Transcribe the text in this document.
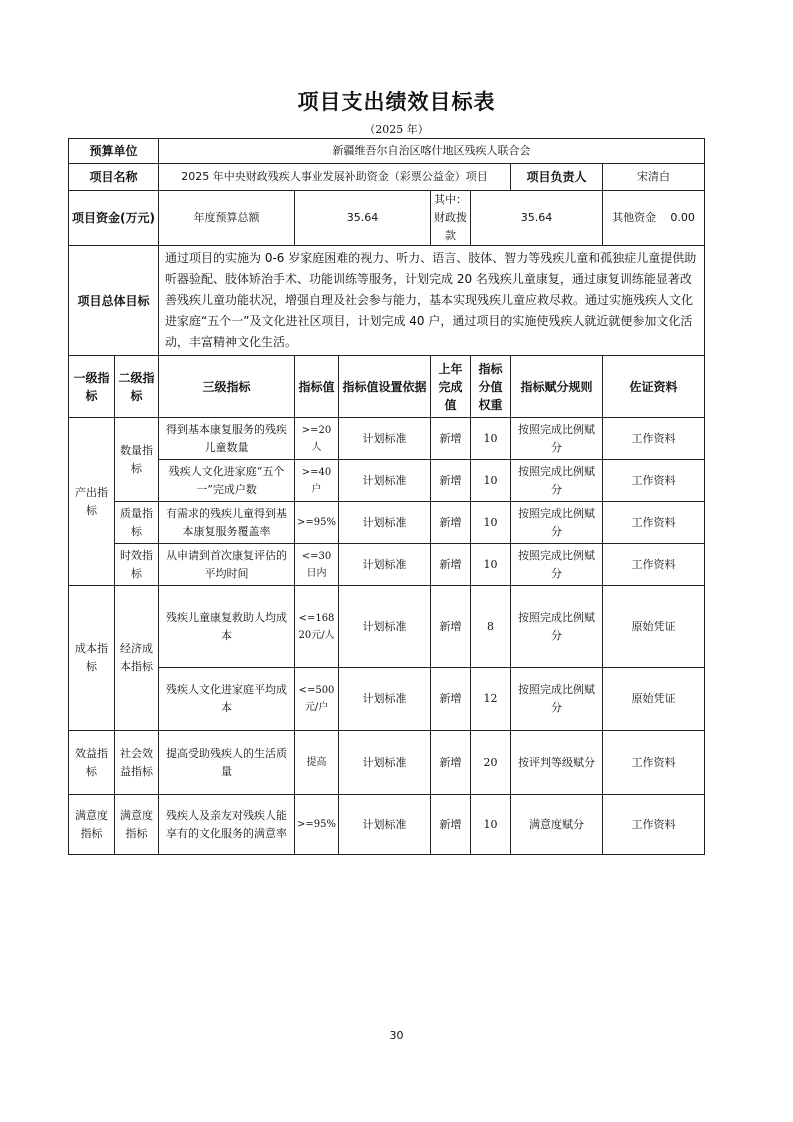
项目支出绩效目标表
（2025 年）
预算单位		新疆维吾尔自治区喀什地区残疾人联合会						
项目名称		2025 年中央财政残疾人事业发展补助资金（彩票公益金）项目					项目负责人	宋清白
项目资金(万元)		年度预算总额	35.64		其中：财政拨款	35.64		其他资金 0.00

项目总体目标		通过项目的实施为 0-6 岁家庭困难的视力、听力、语言、肢体、智力等残疾儿童和孤独症儿童提供助听器验配、肢体矫治手术、功能训练等服务，计划完成 20 名残疾儿童康复，通过康复训练能显著改善残疾儿童功能状况，增强自理及社会参与能力，基本实现残疾儿童应救尽救。通过实施残疾人文化进家庭“五个一”及文化进社区项目，计划完成 40 户，通过项目的实施使残疾人就近就便参加文化活动，丰富精神文化生活。						
一级指标	二级指标	三级指标	指标值	指标值设置依据	上年完成值	指标分值权重	指标赋分规则	佐证资料
产出指标	数量指标	得到基本康复服务的残疾儿童数量	>=20人	计划标准	新增	10	按照完成比例赋分	工作资料
		残疾人文化进家庭“五个一”完成户数	>=40户	计划标准	新增	10	按照完成比例赋分	工作资料
	质量指标	有需求的残疾儿童得到基本康复服务覆盖率	>=95%	计划标准	新增	10	按照完成比例赋分	工作资料
	时效指标	从申请到首次康复评估的平均时间	<=30日内	计划标准	新增	10	按照完成比例赋分	工作资料
成本指标	经济成本指标	残疾儿童康复救助人均成本	<=16820元/人	计划标准	新增	8	按照完成比例赋分	原始凭证
		残疾人文化进家庭平均成本	<=500元/户	计划标准	新增	12	按照完成比例赋分	原始凭证
效益指标	社会效益指标	提高受助残疾人的生活质量	提高	计划标准	新增	20	按评判等级赋分	工作资料
满意度指标	满意度指标	残疾人及亲友对残疾人能享有的文化服务的满意率	>=95%	计划标准	新增	10	满意度赋分	工作资料
30
